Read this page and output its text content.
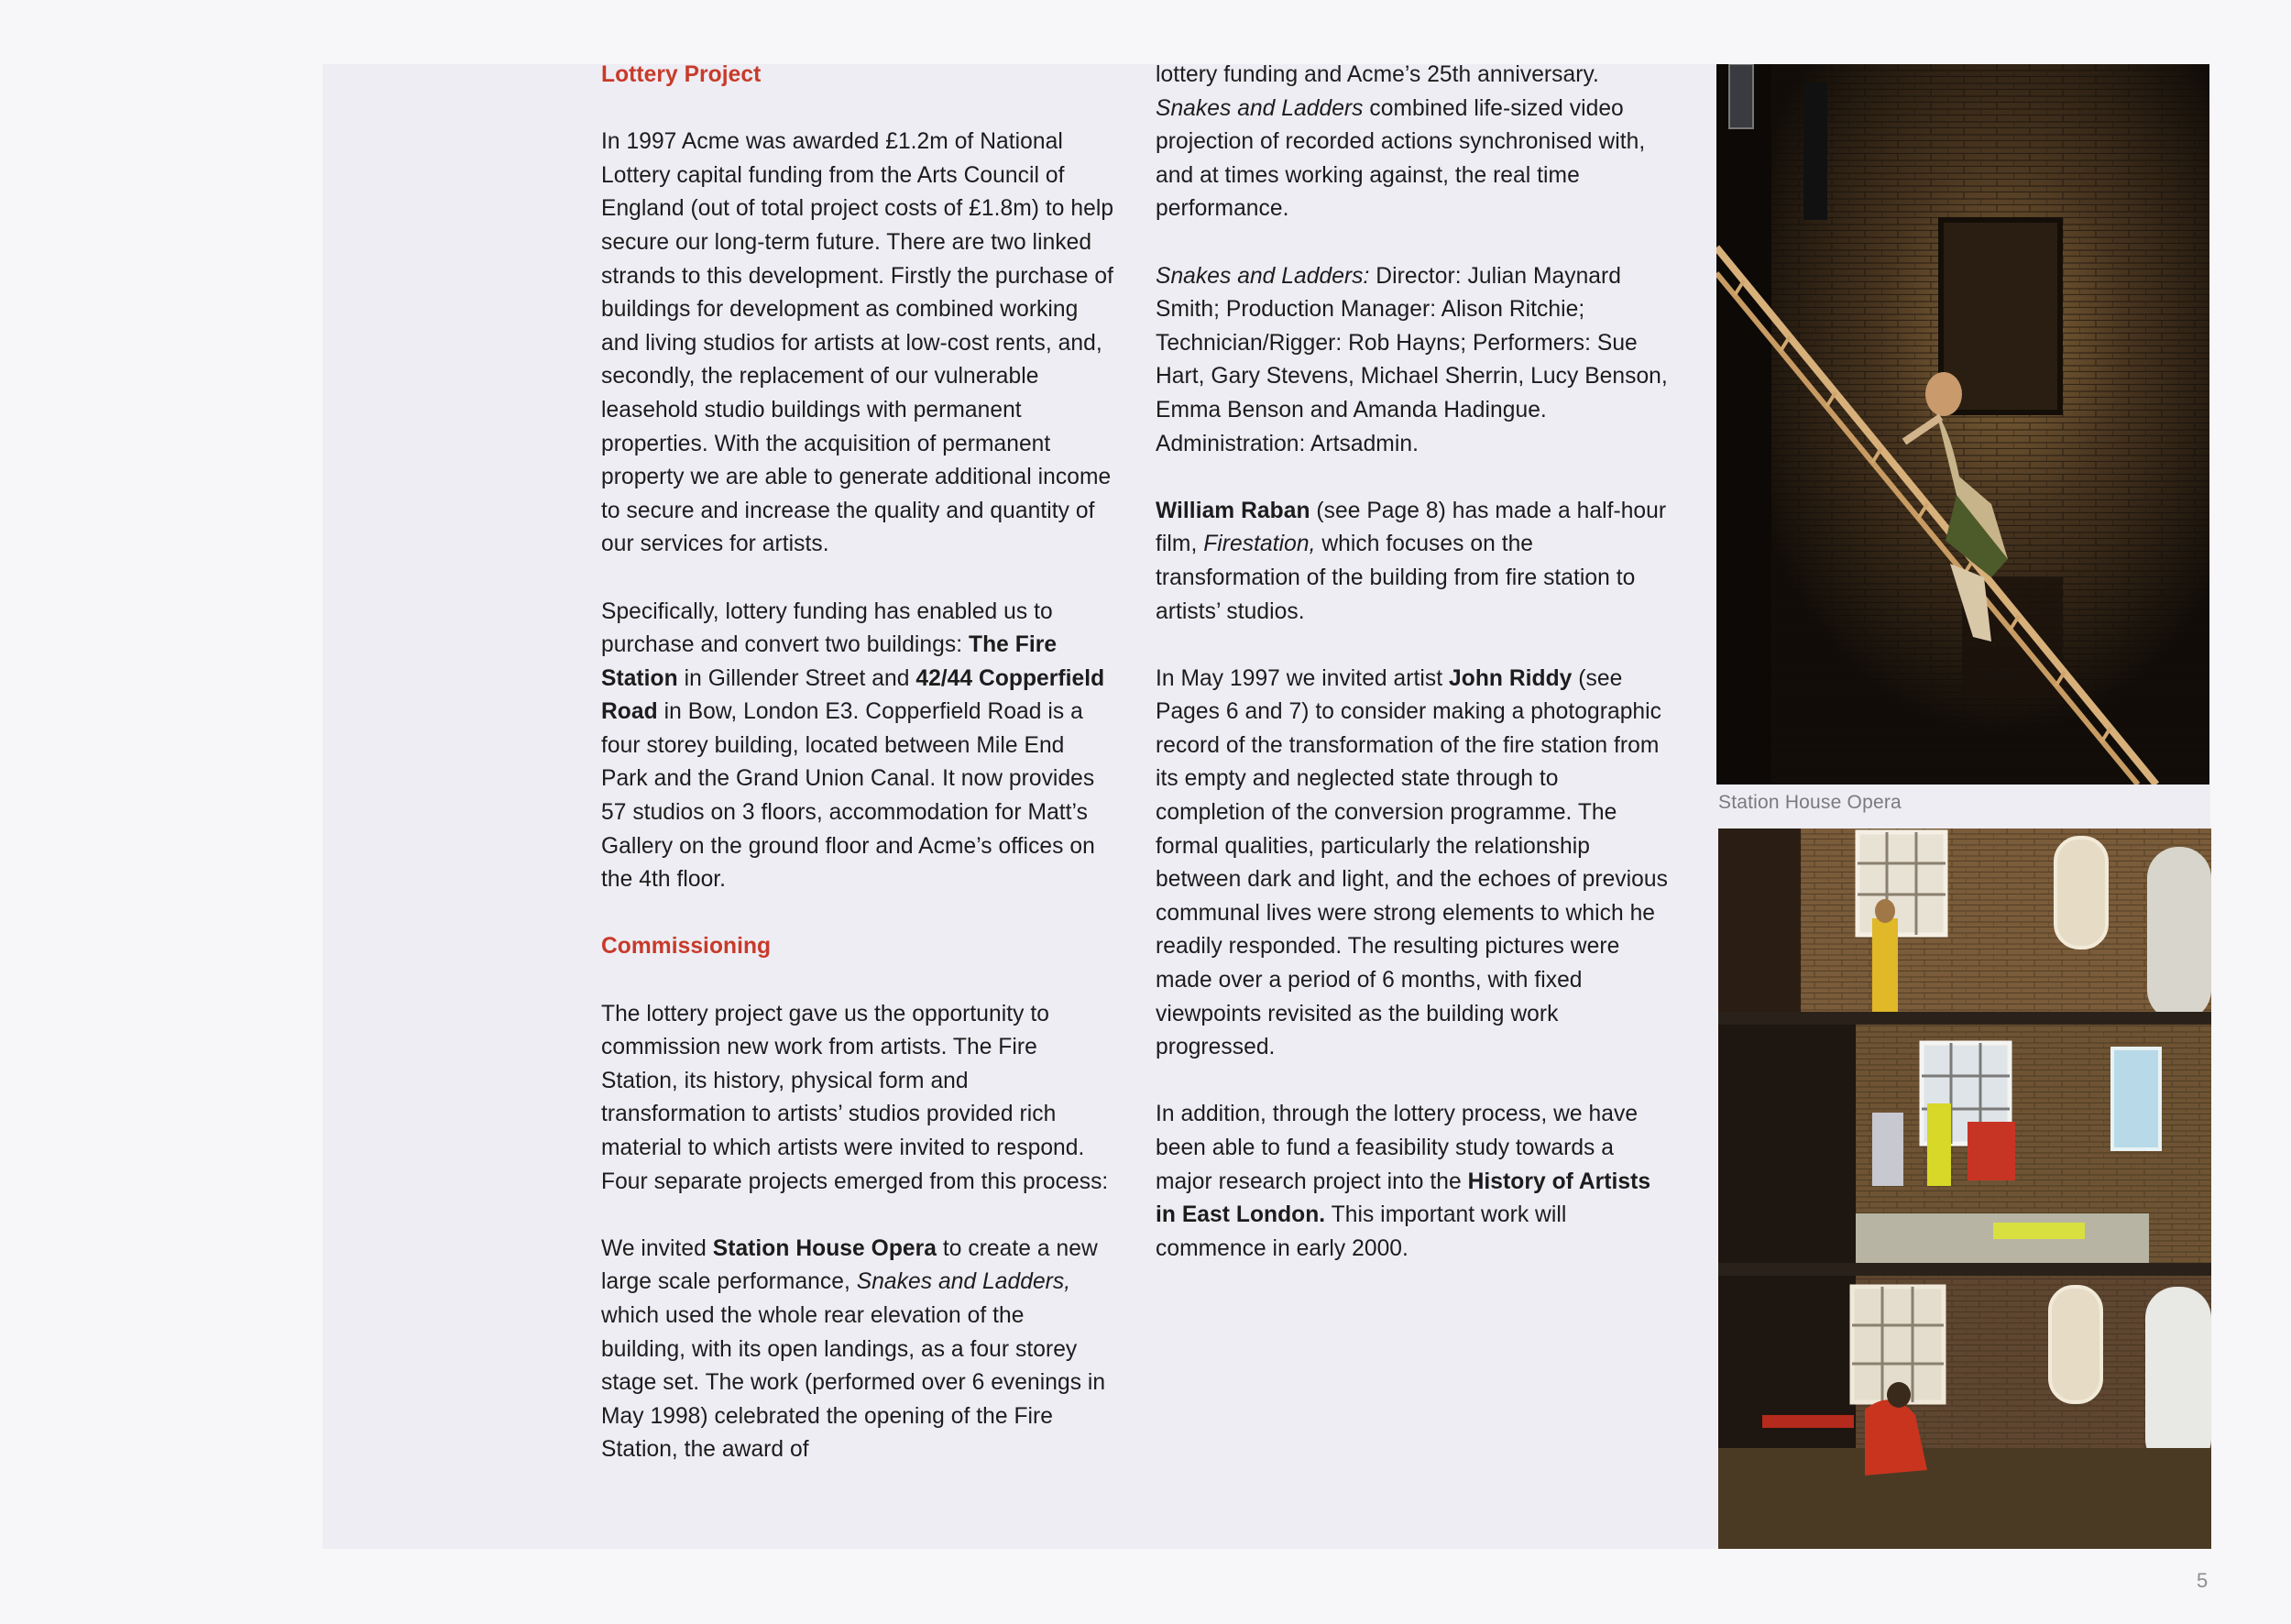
Lottery Project
In 1997 Acme was awarded £1.2m of National Lottery capital funding from the Arts Council of England (out of total project costs of £1.8m) to help secure our long-term future. There are two linked strands to this development. Firstly the purchase of buildings for development as combined working and living studios for artists at low-cost rents, and, secondly, the replacement of our vulnerable leasehold studio buildings with permanent properties. With the acquisition of permanent property we are able to generate additional income to secure and increase the quality and quantity of our services for artists.
Specifically, lottery funding has enabled us to purchase and convert two buildings: The Fire Station in Gillender Street and 42/44 Copperfield Road in Bow, London E3. Copperfield Road is a four storey building, located between Mile End Park and the Grand Union Canal. It now provides 57 studios on 3 floors, accommodation for Matt’s Gallery on the ground floor and Acme’s offices on the 4th floor.
Commissioning
The lottery project gave us the opportunity to commission new work from artists. The Fire Station, its history, physical form and transformation to artists’ studios provided rich material to which artists were invited to respond. Four separate projects emerged from this process:
We invited Station House Opera to create a new large scale performance, Snakes and Ladders, which used the whole rear elevation of the building, with its open landings, as a four storey stage set. The work (performed over 6 evenings in May 1998) celebrated the opening of the Fire Station, the award of
lottery funding and Acme’s 25th anniversary. Snakes and Ladders combined life-sized video projection of recorded actions synchronised with, and at times working against, the real time performance.
Snakes and Ladders: Director: Julian Maynard Smith; Production Manager: Alison Ritchie; Technician/Rigger: Rob Hayns; Performers: Sue Hart, Gary Stevens, Michael Sherrin, Lucy Benson, Emma Benson and Amanda Hadingue. Administration: Artsadmin.
William Raban (see Page 8) has made a half-hour film, Firestation, which focuses on the transformation of the building from fire station to artists’ studios.
In May 1997 we invited artist John Riddy (see Pages 6 and 7) to consider making a photographic record of the transformation of the fire station from its empty and neglected state through to completion of the conversion programme. The formal qualities, particularly the relationship between dark and light, and the echoes of previous communal lives were strong elements to which he readily responded. The resulting pictures were made over a period of 6 months, with fixed viewpoints revisited as the building work progressed.
In addition, through the lottery process, we have been able to fund a feasibility study towards a major research project into the History of Artists in East London. This important work will commence in early 2000.
Station House Opera
5
